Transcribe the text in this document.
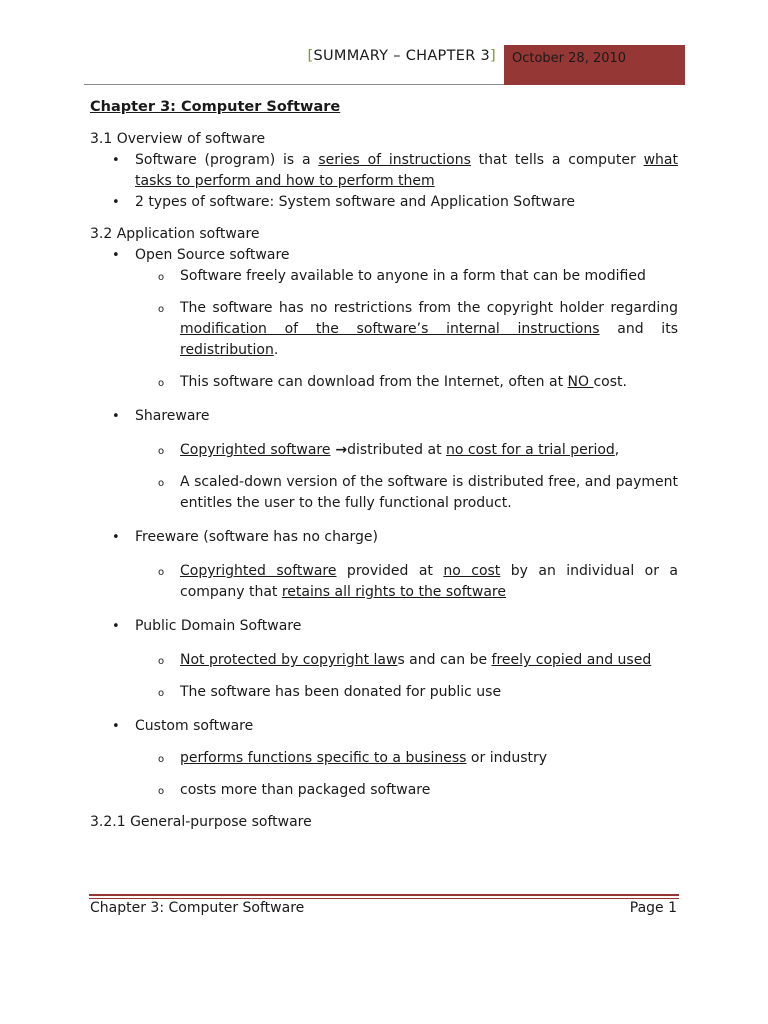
[SUMMARY – CHAPTER 3]	October 28, 2010

Chapter 3: Computer Software

3.1 Overview of software

• Software (program) is a series of instructions that tells a computer what tasks to perform and how to perform them
• 2 types of software: System software and Application Software

3.2 Application software

• Open Source software
o Software freely available to anyone in a form that can be modified
o The software has no restrictions from the copyright holder regarding modification of the software’s internal instructions and its redistribution.
o This software can download from the Internet, often at NO cost.
• Shareware
o Copyrighted software →distributed at no cost for a trial period,
o A scaled-down version of the software is distributed free, and payment entitles the user to the fully functional product.
• Freeware (software has no charge)
o Copyrighted software provided at no cost by an individual or a company that retains all rights to the software
• Public Domain Software
o Not protected by copyright laws and can be freely copied and used
o The software has been donated for public use
• Custom software
o performs functions specific to a business or industry
o costs more than packaged software

3.2.1 General-purpose software

Chapter 3: Computer Software	Page 1
